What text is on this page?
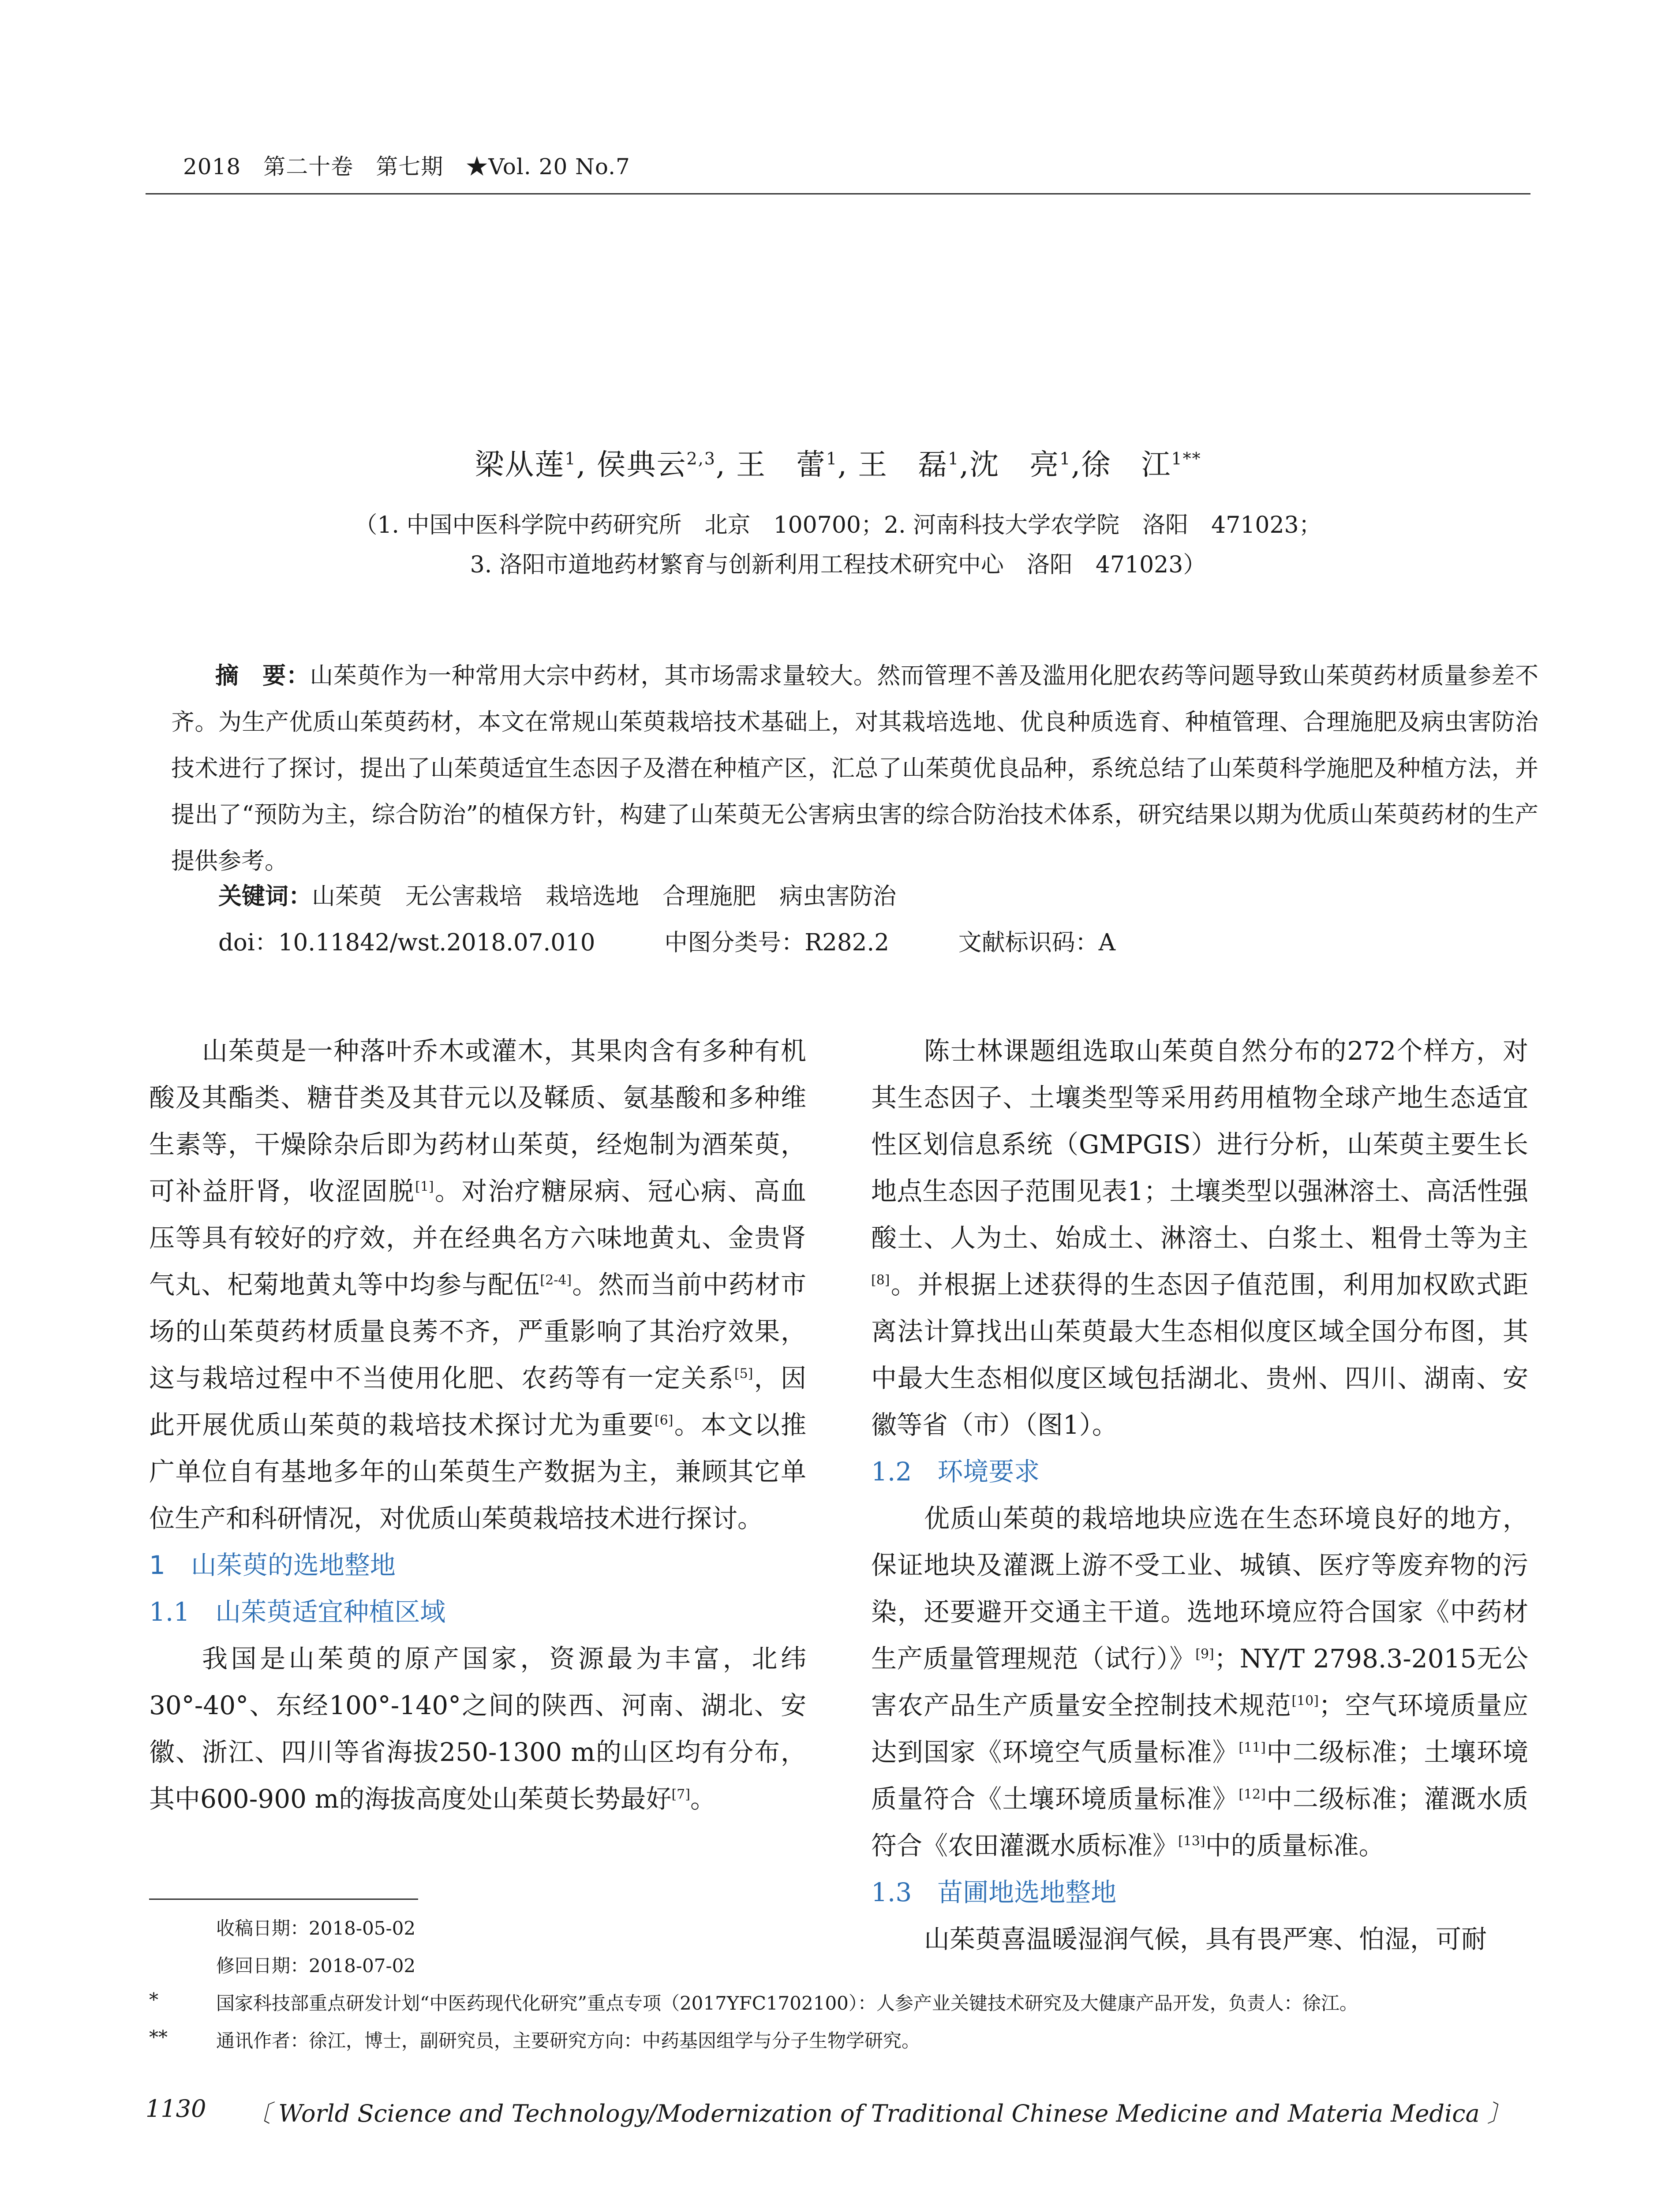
2018　第二十卷　第七期　★Vol. 20 No.7
梁从莲$^1$, 侯典云$^{2,3}$, 王　蕾$^1$, 王　磊$^1$,沈　亮$^1$,徐　江$^{1**}$
（1. 中国中医科学院中药研究所　北京　100700；2. 河南科技大学农学院　洛阳　471023；
3. 洛阳市道地药材繁育与创新利用工程技术研究中心　洛阳　471023）
摘　要：山茱萸作为一种常用大宗中药材，其市场需求量较大。然而管理不善及滥用化肥农药等问题导致山茱萸药材质量参差不齐。为生产优质山茱萸药材，本文在常规山茱萸栽培技术基础上，对其栽培选地、优良种质选育、种植管理、合理施肥及病虫害防治技术进行了探讨，提出了山茱萸适宜生态因子及潜在种植产区，汇总了山茱萸优良品种，系统总结了山茱萸科学施肥及种植方法，并提出了“预防为主，综合防治”的植保方针，构建了山茱萸无公害病虫害的综合防治技术体系，研究结果以期为优质山茱萸药材的生产提供参考。
关键词：山茱萸　无公害栽培　栽培选地　合理施肥　病虫害防治
doi：10.11842/wst.2018.07.010	中图分类号：R282.2	文献标识码：A

山茱萸是一种落叶乔木或灌木，其果肉含有多种有机酸及其酯类、糖苷类及其苷元以及鞣质、氨基酸和多种维生素等，干燥除杂后即为药材山茱萸，经炮制为酒茱萸，可补益肝肾，收涩固脱[1]。对治疗糖尿病、冠心病、高血压等具有较好的疗效，并在经典名方六味地黄丸、金贵肾气丸、杞菊地黄丸等中均参与配伍[2-4]。然而当前中药材市场的山茱萸药材质量良莠不齐，严重影响了其治疗效果，这与栽培过程中不当使用化肥、农药等有一定关系[5]，因此开展优质山茱萸的栽培技术探讨尤为重要[6]。本文以推广单位自有基地多年的山茱萸生产数据为主，兼顾其它单位生产和科研情况，对优质山茱萸栽培技术进行探讨。

1　山茱萸的选地整地

1.1　山茱萸适宜种植区域

我国是山茱萸的原产国家，资源最为丰富，北纬30°-40°、东经100°-140°之间的陕西、河南、湖北、安徽、浙江、四川等省海拔250-1300 m的山区均有分布，其中600-900 m的海拔高度处山茱萸长势最好[7]。

陈士林课题组选取山茱萸自然分布的272个样方，对其生态因子、土壤类型等采用药用植物全球产地生态适宜性区划信息系统（GMPGIS）进行分析，山茱萸主要生长地点生态因子范围见表1；土壤类型以强淋溶土、高活性强酸土、人为土、始成土、淋溶土、白浆土、粗骨土等为主[8]。并根据上述获得的生态因子值范围，利用加权欧式距离法计算找出山茱萸最大生态相似度区域全国分布图，其中最大生态相似度区域包括湖北、贵州、四川、湖南、安徽等省（市）（图1）。

1.2　环境要求

优质山茱萸的栽培地块应选在生态环境良好的地方，保证地块及灌溉上游不受工业、城镇、医疗等废弃物的污染，还要避开交通主干道。选地环境应符合国家《中药材生产质量管理规范（试行）》[9]；NY/T 2798.3-2015无公害农产品生产质量安全控制技术规范[10]；空气环境质量应达到国家《环境空气质量标准》[11]中二级标准；土壤环境质量符合《土壤环境质量标准》[12]中二级标准；灌溉水质符合《农田灌溉水质标准》[13]中的质量标准。

1.3　苗圃地选地整地

山茱萸喜温暖湿润气候，具有畏严寒、怕湿，可耐

收稿日期：2018-05-02
修回日期：2018-07-02
*	国家科技部重点研发计划“中医药现代化研究”重点专项（2017YFC1702100）：人参产业关键技术研究及大健康产品开发，负责人：徐江。
**	通讯作者：徐江，博士，副研究员，主要研究方向：中药基因组学与分子生物学研究。
1130 〔 World Science and Technology/Modernization of Traditional Chinese Medicine and Materia Medica 〕
